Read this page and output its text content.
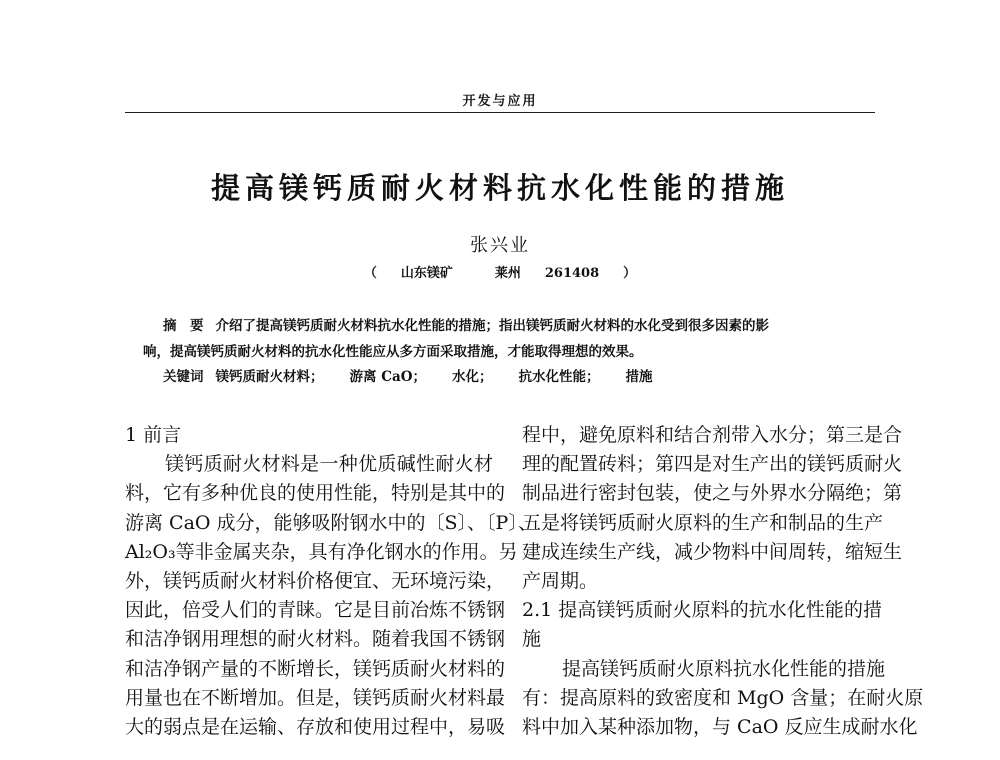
开发与应用
提高镁钙质耐火材料抗水化性能的措施
张兴业
（ 山东镁矿	莱州 261408 ）
摘　要 介绍了提高镁钙质耐火材料抗水化性能的措施；指出镁钙质耐火材料的水化受到很多因素的影
响，提高镁钙质耐火材料的抗水化性能应从多方面采取措施，才能取得理想的效果。
关键词 镁钙质耐火材料； 游离 CaO； 水化； 抗水化性能； 措施
1 前言
镁钙质耐火材料是一种优质碱性耐火材
料，它有多种优良的使用性能，特别是其中的
游离 CaO 成分，能够吸附钢水中的〔S〕、〔P〕、
Al₂O₃等非金属夹杂，具有净化钢水的作用。另
外，镁钙质耐火材料价格便宜、无环境污染，
因此，倍受人们的青睐。它是目前冶炼不锈钢
和洁净钢用理想的耐火材料。随着我国不锈钢
和洁净钢产量的不断增长，镁钙质耐火材料的
用量也在不断增加。但是，镁钙质耐火材料最
大的弱点是在运输、存放和使用过程中，易吸
程中，避免原料和结合剂带入水分；第三是合
理的配置砖料；第四是对生产出的镁钙质耐火
制品进行密封包装，使之与外界水分隔绝；第
五是将镁钙质耐火原料的生产和制品的生产
建成连续生产线，减少物料中间周转，缩短生
产周期。
2.1 提高镁钙质耐火原料的抗水化性能的措
施
提高镁钙质耐火原料抗水化性能的措施
有：提高原料的致密度和 MgO 含量；在耐火原
料中加入某种添加物，与 CaO 反应生成耐水化
